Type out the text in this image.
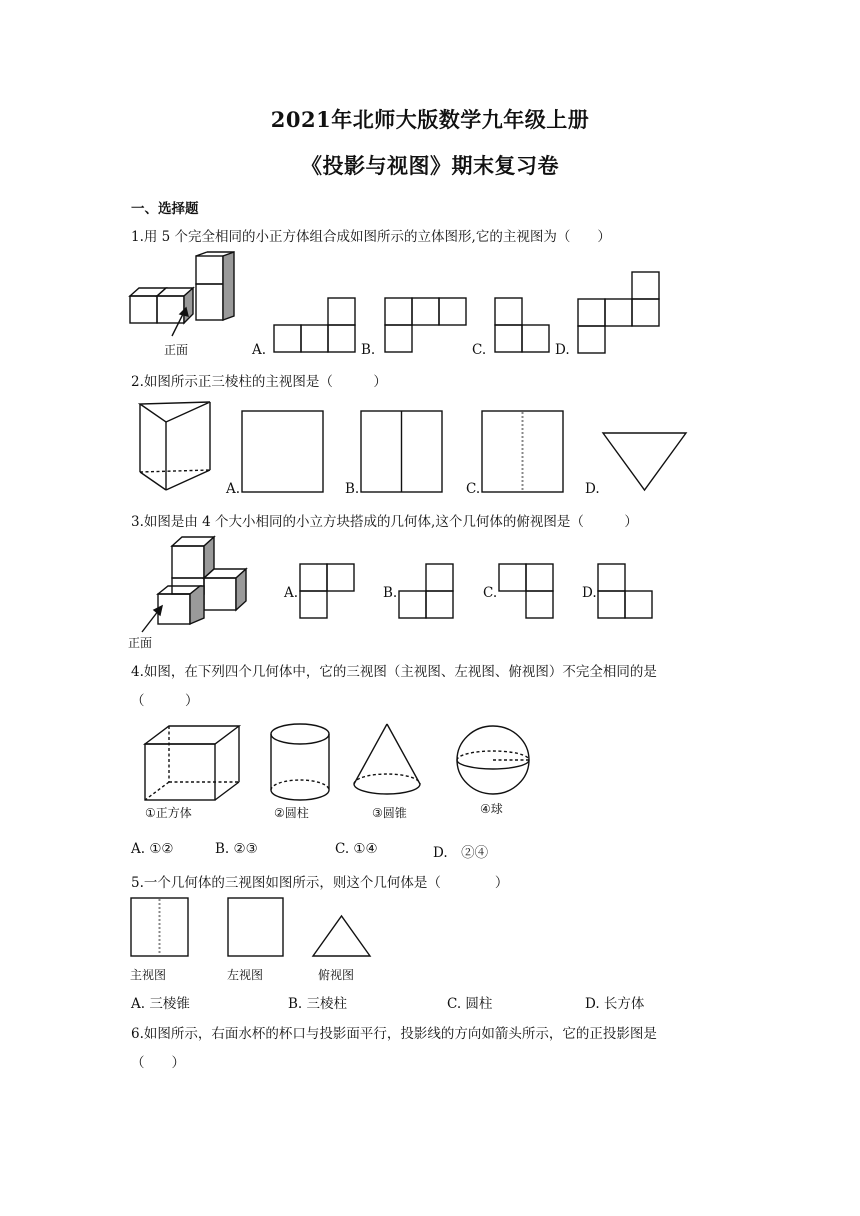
2021年北师大版数学九年级上册
《投影与视图》期末复习卷
一、选择题
1.用 5 个完全相同的小正方体组合成如图所示的立体图形,它的主视图为（　　）
正面	A.	B.	C.	D.
2.如图所示正三棱柱的主视图是（　　　）
A.	B.	C.	D.
3.如图是由 4 个大小相同的小立方块搭成的几何体,这个几何体的俯视图是（　　　）
正面
A.	B.	C.	D.
4.如图，在下列四个几何体中，它的三视图（主视图、左视图、俯视图）不完全相同的是
（　　　）
①正方体	②圆柱	③圆锥	④球
A. ①②	B. ②③	C. ①④	D.　②④
5.一个几何体的三视图如图所示，则这个几何体是（　　　　）
主视图	左视图	俯视图
A. 三棱锥	B. 三棱柱	C. 圆柱	D. 长方体
6.如图所示，右面水杯的杯口与投影面平行，投影线的方向如箭头所示，它的正投影图是
（　　）
